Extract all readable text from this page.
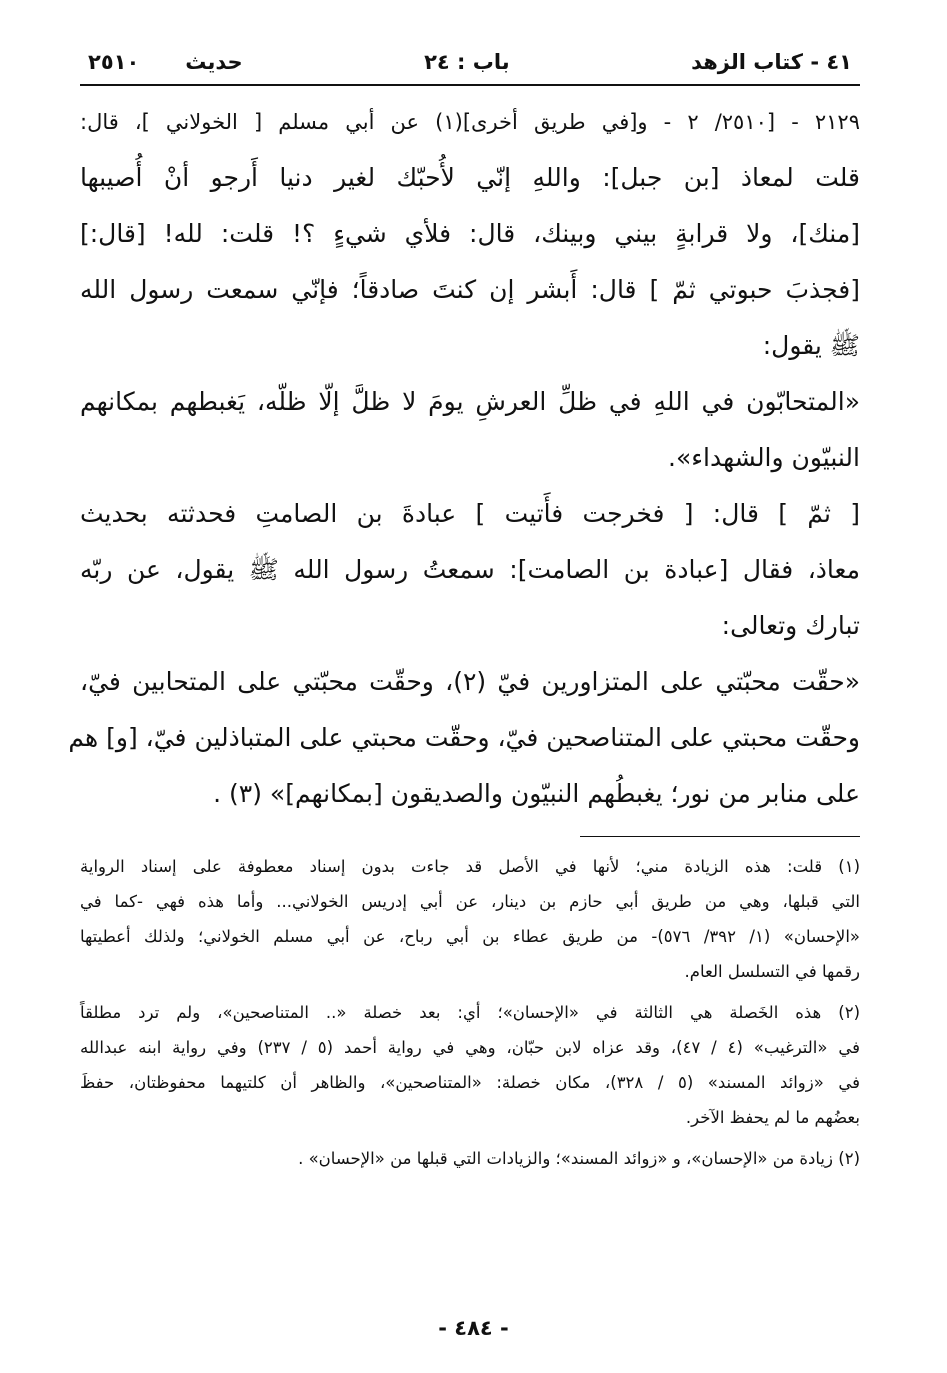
٤١ - كتاب الزهد
باب : ٢٤
حديث
٢٥١٠
٢١٢٩ - [٢٥١٠/ ٢ - و[في طريق أخرى](١) عن أبي مسلم [ الخولاني ]، قال:
قلت لمعاذ [بن جبل]: واللهِ إنّي لأُحبّك لغير دنيا أَرجو أنْ أُصيبها
[منك]، ولا قرابةٍ بيني وبينك، قال: فلأي شيءٍ ؟! قلت: لله! [قال:]
[فجذبَ حبوتي ثمّ ] قال: أَبشر إن كنتَ صادقاً؛ فإنّي سمعت رسول الله
ﷺ يقول:
«المتحابّون في اللهِ في ظلِّ العرشِ يومَ لا ظلَّ إلّا ظلّه، يَغبطهم بمكانهم
النبيّون والشهداء».
[ ثمّ ] قال: [ فخرجت فأَتيت ] عبادةَ بن الصامتِ فحدثته بحديث
معاذ، فقال [عبادة بن الصامت]: سمعتُ رسول الله ﷺ يقول، عن ربّه
تبارك وتعالى:
«حقّت محبّتي على المتزاورين فيّ (٢)، وحقّت محبّتي على المتحابين فيّ،
وحقّت محبتي على المتناصحين فيّ، وحقّت محبتي على المتباذلين فيّ، [و] هم
على منابر من نور؛ يغبطُهم النبيّون والصديقون [بمكانهم]» (٣) .
(١) قلت: هذه الزيادة مني؛ لأنها في الأصل قد جاءت بدون إسناد معطوفة على إسناد الرواية
التي قبلها، وهي من طريق أبي حازم بن دينار، عن أبي إدريس الخولاني... وأما هذه فهي -كما في
«الإحسان» (١/ ٣٩٢/ ٥٧٦)- من طريق عطاء بن أبي رباح، عن أبي مسلم الخولاني؛ ولذلك أعطيتها
رقمها في التسلسل العام.
(٢) هذه الخَصلة هي الثالثة في «الإحسان»؛ أي: بعد خصلة «.. المتناصحين»، ولم ترد مطلقاً
في «الترغيب» (٤ / ٤٧)، وقد عزاه لابن حبّان، وهي في رواية أحمد (٥ / ٢٣٧) وفي رواية ابنه عبدالله
في «زوائد المسند» (٥ / ٣٢٨)، مكان خصلة: «المتناصحين»، والظاهر أن كلتيهما محفوظتان، حفظَ
بعضُهم ما لم يحفظ الآخر.
(٢) زيادة من «الإحسان»، و «زوائد المسند»؛ والزيادات التي قبلها من «الإحسان» .
- ٤٨٤ -
